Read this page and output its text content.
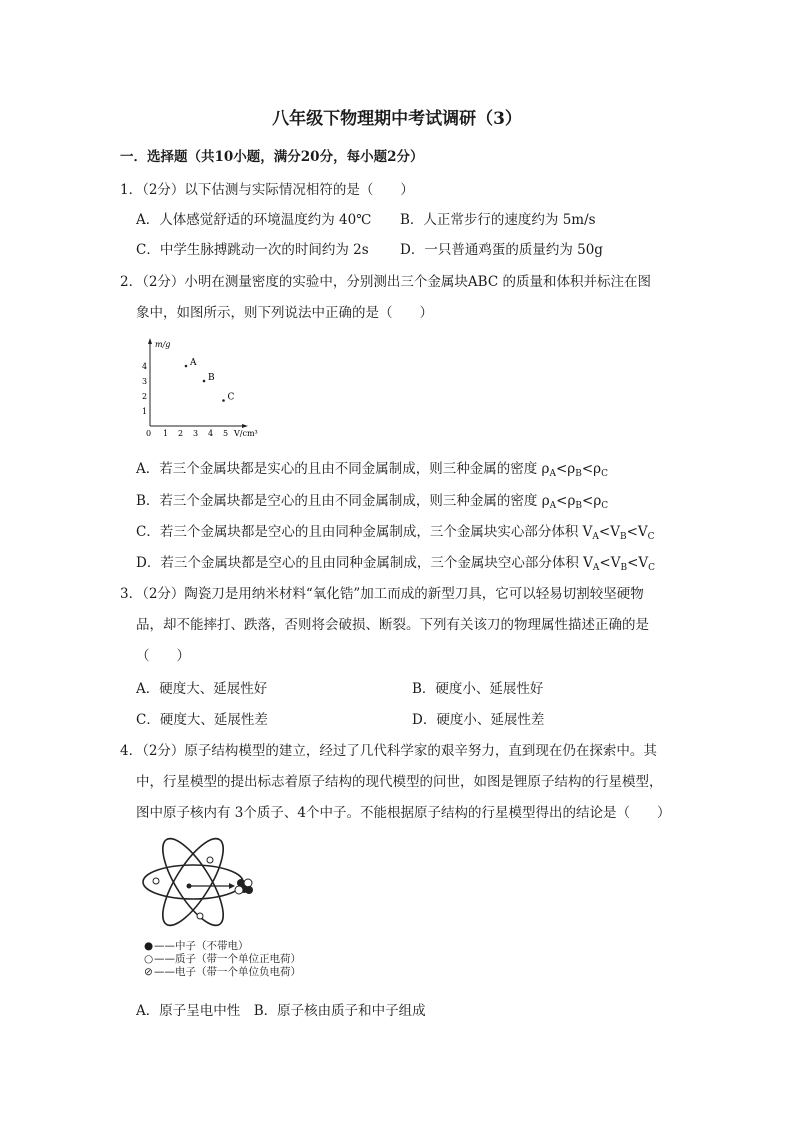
八年级下物理期中考试调研（3）
一．选择题（共10小题，满分20分，每小题2分）
1．（2分）以下估测与实际情况相符的是（　　）
A．人体感觉舒适的环境温度约为 40℃ B．人正常步行的速度约为 5m/s
C．中学生脉搏跳动一次的时间约为 2s D．一只普通鸡蛋的质量约为 50g
2．（2分）小明在测量密度的实验中，分别测出三个金属块ABC 的质量和体积并标注在图
象中，如图所示，则下列说法中正确的是（　　）
m/g
V/cm³
1
2
3
4
0 1 2 3 4 5
A
B
C
A．若三个金属块都是实心的且由不同金属制成，则三种金属的密度 $\rho_A<\rho_B<\rho_C$
B．若三个金属块都是空心的且由不同金属制成，则三种金属的密度 $\rho_A<\rho_B<\rho_C$
C．若三个金属块都是空心的且由同种金属制成，三个金属块实心部分体积 $V_A<V_B<V_C$
D．若三个金属块都是空心的且由同种金属制成，三个金属块空心部分体积 $V_A<V_B<V_C$
3．（2分）陶瓷刀是用纳米材料“氧化锆”加工而成的新型刀具，它可以轻易切割较坚硬物
品，却不能摔打、跌落，否则将会破损、断裂。下列有关该刀的物理属性描述正确的是
（　　）
A．硬度大、延展性好	B．硬度小、延展性好
C．硬度大、延展性差	D．硬度小、延展性差
4．（2分）原子结构模型的建立，经过了几代科学家的艰辛努力，直到现在仍在探索中。其
中，行星模型的提出标志着原子结构的现代模型的问世，如图是锂原子结构的行星模型，
图中原子核内有 3个质子、4个中子。不能根据原子结构的行星模型得出的结论是（　　）
●——中子（不带电）
○——质子（带一个单位正电荷）
⊘——电子（带一个单位负电荷）
A．原子呈电中性　B．原子核由质子和中子组成
